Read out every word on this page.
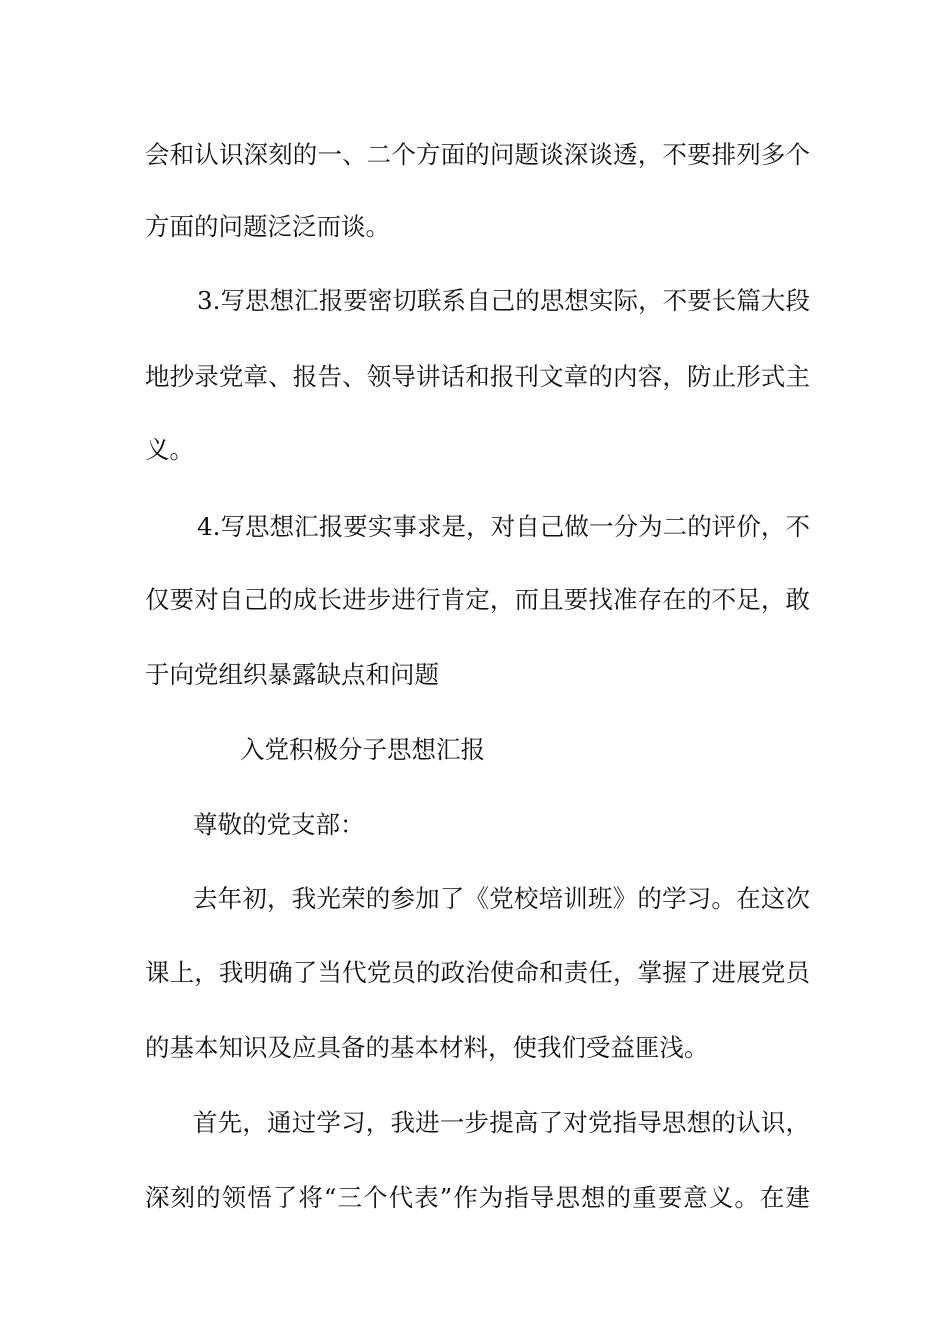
会和认识深刻的一、二个方面的问题谈深谈透，不要排列多个
方面的问题泛泛而谈。
3.写思想汇报要密切联系自己的思想实际，不要长篇大段
地抄录党章、报告、领导讲话和报刊文章的内容，防止形式主
义。
4.写思想汇报要实事求是，对自己做一分为二的评价，不
仅要对自己的成长进步进行肯定，而且要找准存在的不足，敢
于向党组织暴露缺点和问题
入党积极分子思想汇报
尊敬的党支部：
去年初，我光荣的参加了《党校培训班》的学习。在这次
课上，我明确了当代党员的政治使命和责任，掌握了进展党员
的基本知识及应具备的基本材料，使我们受益匪浅。
首先，通过学习，我进一步提高了对党指导思想的认识，
深刻的领悟了将“三个代表”作为指导思想的重要意义。在建
